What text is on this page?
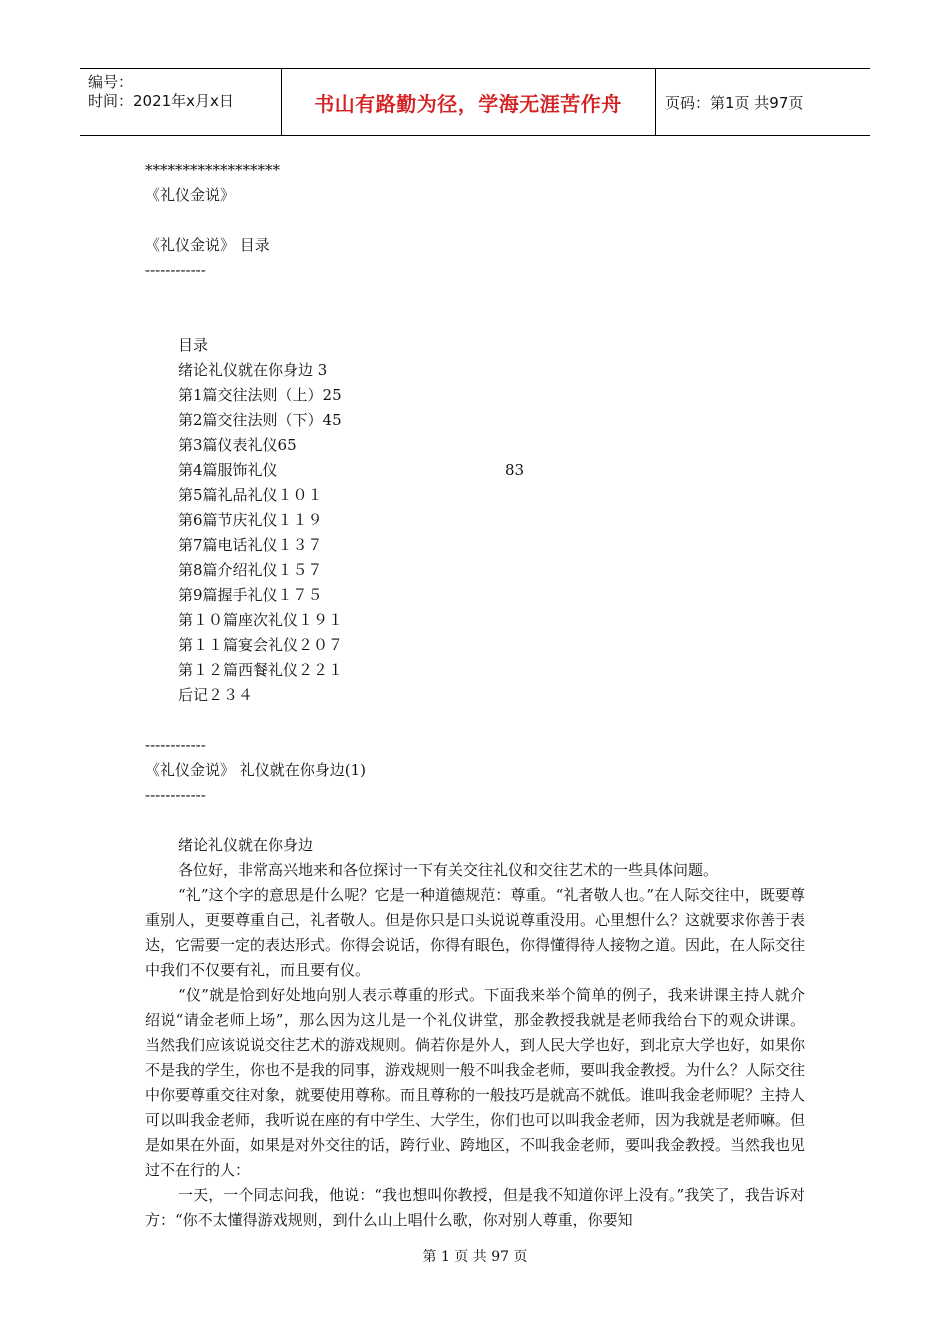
编号：
时间：2021年x月x日	书山有路勤为径，学海无涯苦作舟	页码：第1页 共97页
******************
《礼仪金说》
《礼仪金说》 目录
------------
目录
绪论礼仪就在你身边 3
第1篇交往法则（上）25
第2篇交往法则（下）45
第3篇仪表礼仪65
第4篇服饰礼仪	83
第5篇礼品礼仪１０１
第6篇节庆礼仪１１９
第7篇电话礼仪１３７
第8篇介绍礼仪１５７
第9篇握手礼仪１７５
第１０篇座次礼仪１９１
第１１篇宴会礼仪２０７
第１２篇西餐礼仪２２１
后记２３４
------------
《礼仪金说》 礼仪就在你身边(1)
------------
绪论礼仪就在你身边

各位好，非常高兴地来和各位探讨一下有关交往礼仪和交往艺术的一些具体问题。

“礼”这个字的意思是什么呢？它是一种道德规范：尊重。“礼者敬人也。”在人际交往中，既要尊重别人，更要尊重自己，礼者敬人。但是你只是口头说说尊重没用。心里想什么？这就要求你善于表达，它需要一定的表达形式。你得会说话，你得有眼色，你得懂得待人接物之道。因此，在人际交往中我们不仅要有礼，而且要有仪。

“仪”就是恰到好处地向别人表示尊重的形式。下面我来举个简单的例子，我来讲课主持人就介绍说“请金老师上场”，那么因为这儿是一个礼仪讲堂，那金教授我就是老师我给台下的观众讲课。当然我们应该说说交往艺术的游戏规则。倘若你是外人，到人民大学也好，到北京大学也好，如果你不是我的学生，你也不是我的同事，游戏规则一般不叫我金老师，要叫我金教授。为什么？人际交往中你要尊重交往对象，就要使用尊称。而且尊称的一般技巧是就高不就低。谁叫我金老师呢？主持人可以叫我金老师，我听说在座的有中学生、大学生，你们也可以叫我金老师，因为我就是老师嘛。但是如果在外面，如果是对外交往的话，跨行业、跨地区，不叫我金老师，要叫我金教授。当然我也见过不在行的人：

一天，一个同志问我，他说：“我也想叫你教授，但是我不知道你评上没有。”我笑了，我告诉对方：“你不太懂得游戏规则，到什么山上唱什么歌，你对别人尊重，你要知

第 1 页 共 97 页
